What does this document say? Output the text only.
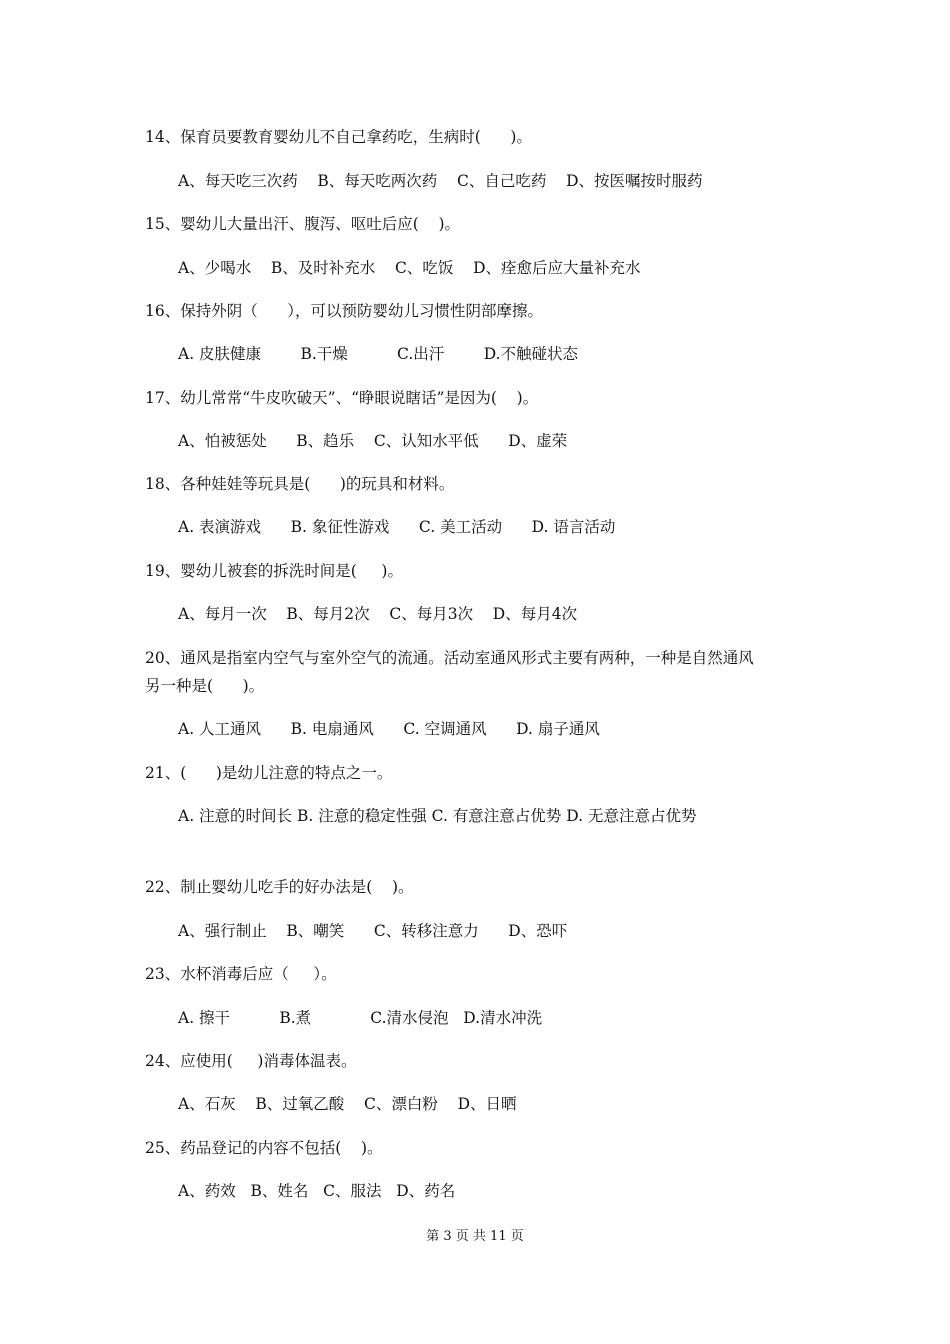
14、保育员要教育婴幼儿不自己拿药吃，生病时(      )。
A、每天吃三次药    B、每天吃两次药    C、自己吃药    D、按医嘱按时服药
15、婴幼儿大量出汗、腹泻、呕吐后应(    )。
A、少喝水    B、及时补充水    C、吃饭    D、痊愈后应大量补充水
16、保持外阴（      ），可以预防婴幼儿习惯性阴部摩擦。
A. 皮肤健康        B.干燥          C.出汗        D.不触碰状态
17、幼儿常常“牛皮吹破天”、“睁眼说瞎话”是因为(    )。
A、怕被惩处      B、趋乐    C、认知水平低      D、虚荣
18、各种娃娃等玩具是(      )的玩具和材料。
A. 表演游戏      B. 象征性游戏      C. 美工活动      D. 语言活动
19、婴幼儿被套的拆洗时间是(     )。
A、每月一次    B、每月2次    C、每月3次    D、每月4次
20、通风是指室内空气与室外空气的流通。活动室通风形式主要有两种，一种是自然通风
另一种是(      )。
A. 人工通风      B. 电扇通风      C. 空调通风      D. 扇子通风
21、(      )是幼儿注意的特点之一。
A. 注意的时间长 B. 注意的稳定性强 C. 有意注意占优势 D. 无意注意占优势
22、制止婴幼儿吃手的好办法是(    )。
A、强行制止    B、嘲笑      C、转移注意力      D、恐吓
23、水杯消毒后应（     ）。
A. 擦干          B.煮            C.清水侵泡   D.清水冲洗
24、应使用(     )消毒体温表。
A、石灰    B、过氧乙酸    C、漂白粉    D、日晒
25、药品登记的内容不包括(    )。
A、药效   B、姓名   C、服法   D、药名
第 3 页 共 11 页
